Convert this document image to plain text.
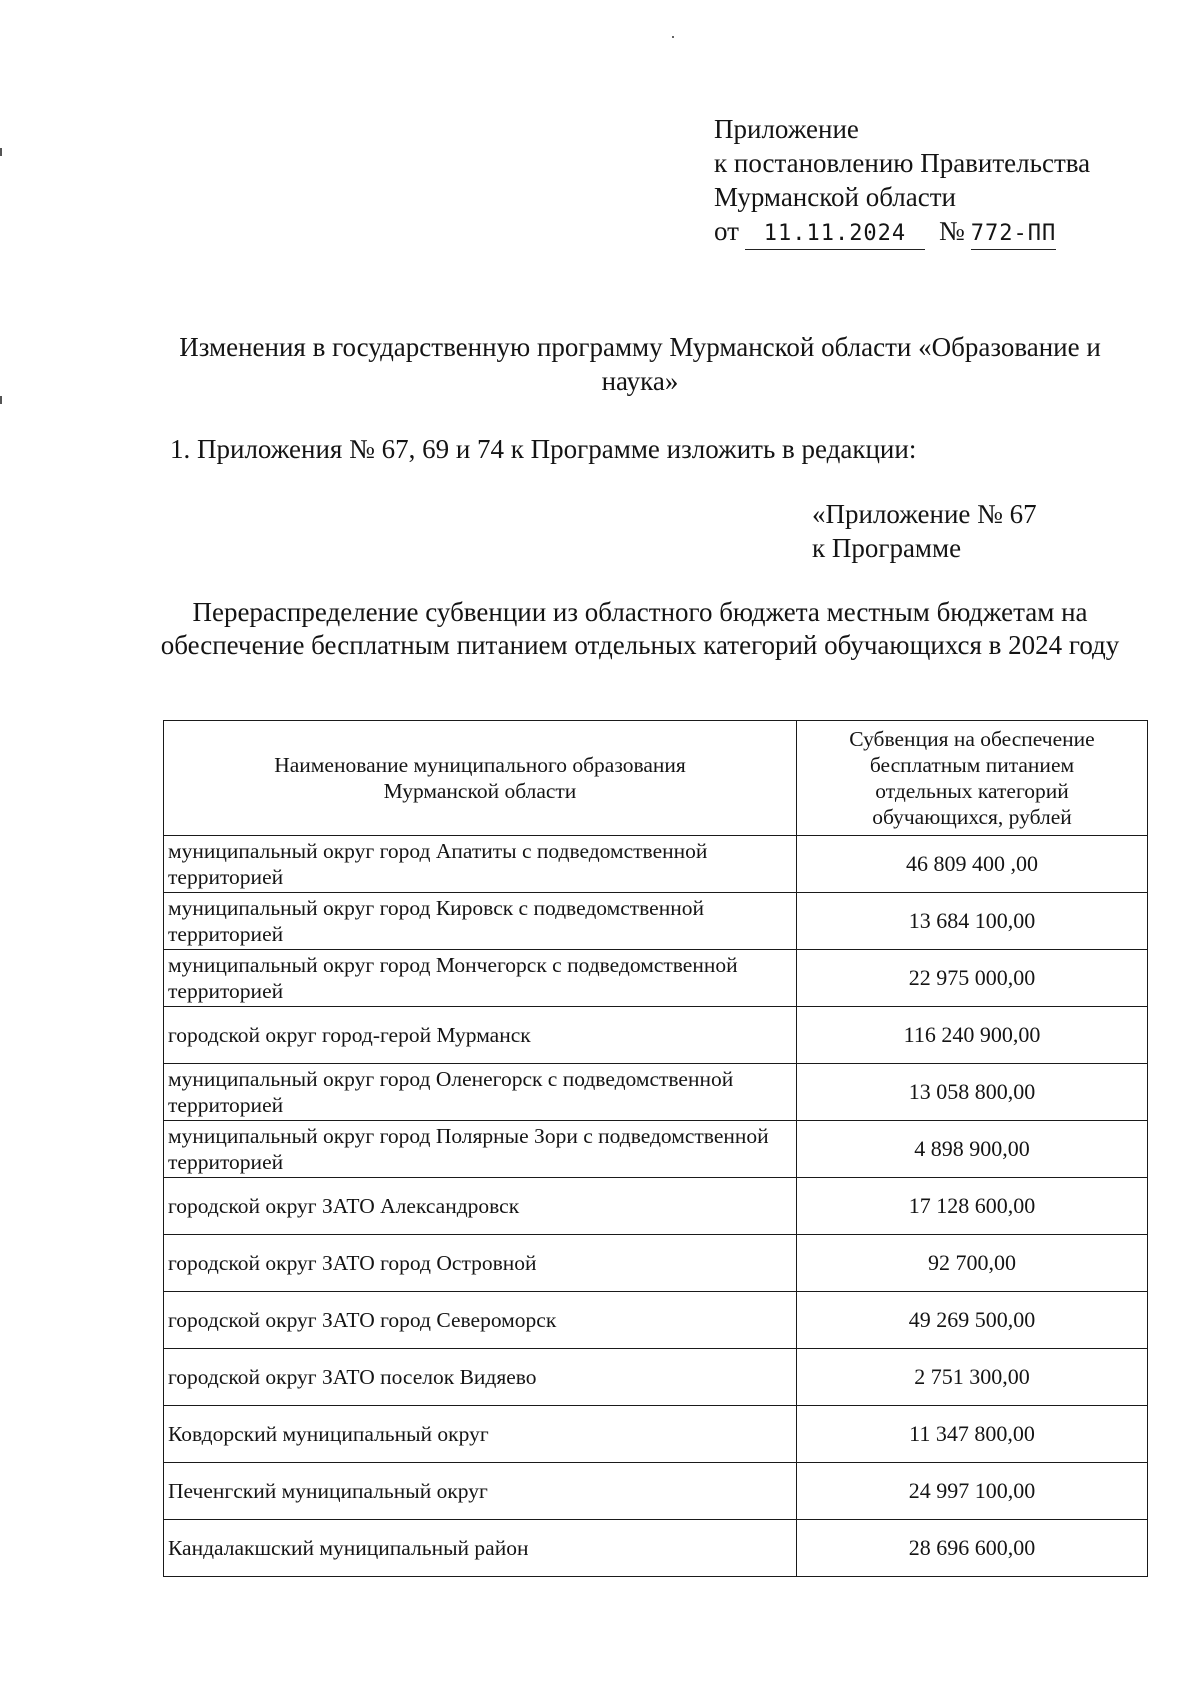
Приложение
к постановлению Правительства
Мурманской области
от 11.11.2024 № 772-ПП
Изменения в государственную программу Мурманской области «Образование и наука»
1. Приложения № 67, 69 и 74 к Программе изложить в редакции:
«Приложение № 67
к Программе
Перераспределение субвенции из областного бюджета местным бюджетам на обеспечение бесплатным питанием отдельных категорий обучающихся в 2024 году
Наименование муниципального образования Мурманской области	Субвенция на обеспечение бесплатным питанием отдельных категорий обучающихся, рублей
муниципальный округ город Апатиты с подведомственной территорией	46 809 400 ,00
муниципальный округ город Кировск с подведомственной территорией	13 684 100,00
муниципальный округ город Мончегорск с подведомственной территорией	22 975 000,00
городской округ город-герой Мурманск	116 240 900,00
муниципальный округ город Оленегорск с подведомственной территорией	13 058 800,00
муниципальный округ город Полярные Зори с подведомственной территорией	4 898 900,00
городской округ ЗАТО Александровск	17 128 600,00
городской округ ЗАТО город Островной	92 700,00
городской округ ЗАТО город Североморск	49 269 500,00
городской округ ЗАТО поселок Видяево	2 751 300,00
Ковдорский муниципальный округ	11 347 800,00
Печенгский муниципальный округ	24 997 100,00
Кандалакшский муниципальный район	28 696 600,00
